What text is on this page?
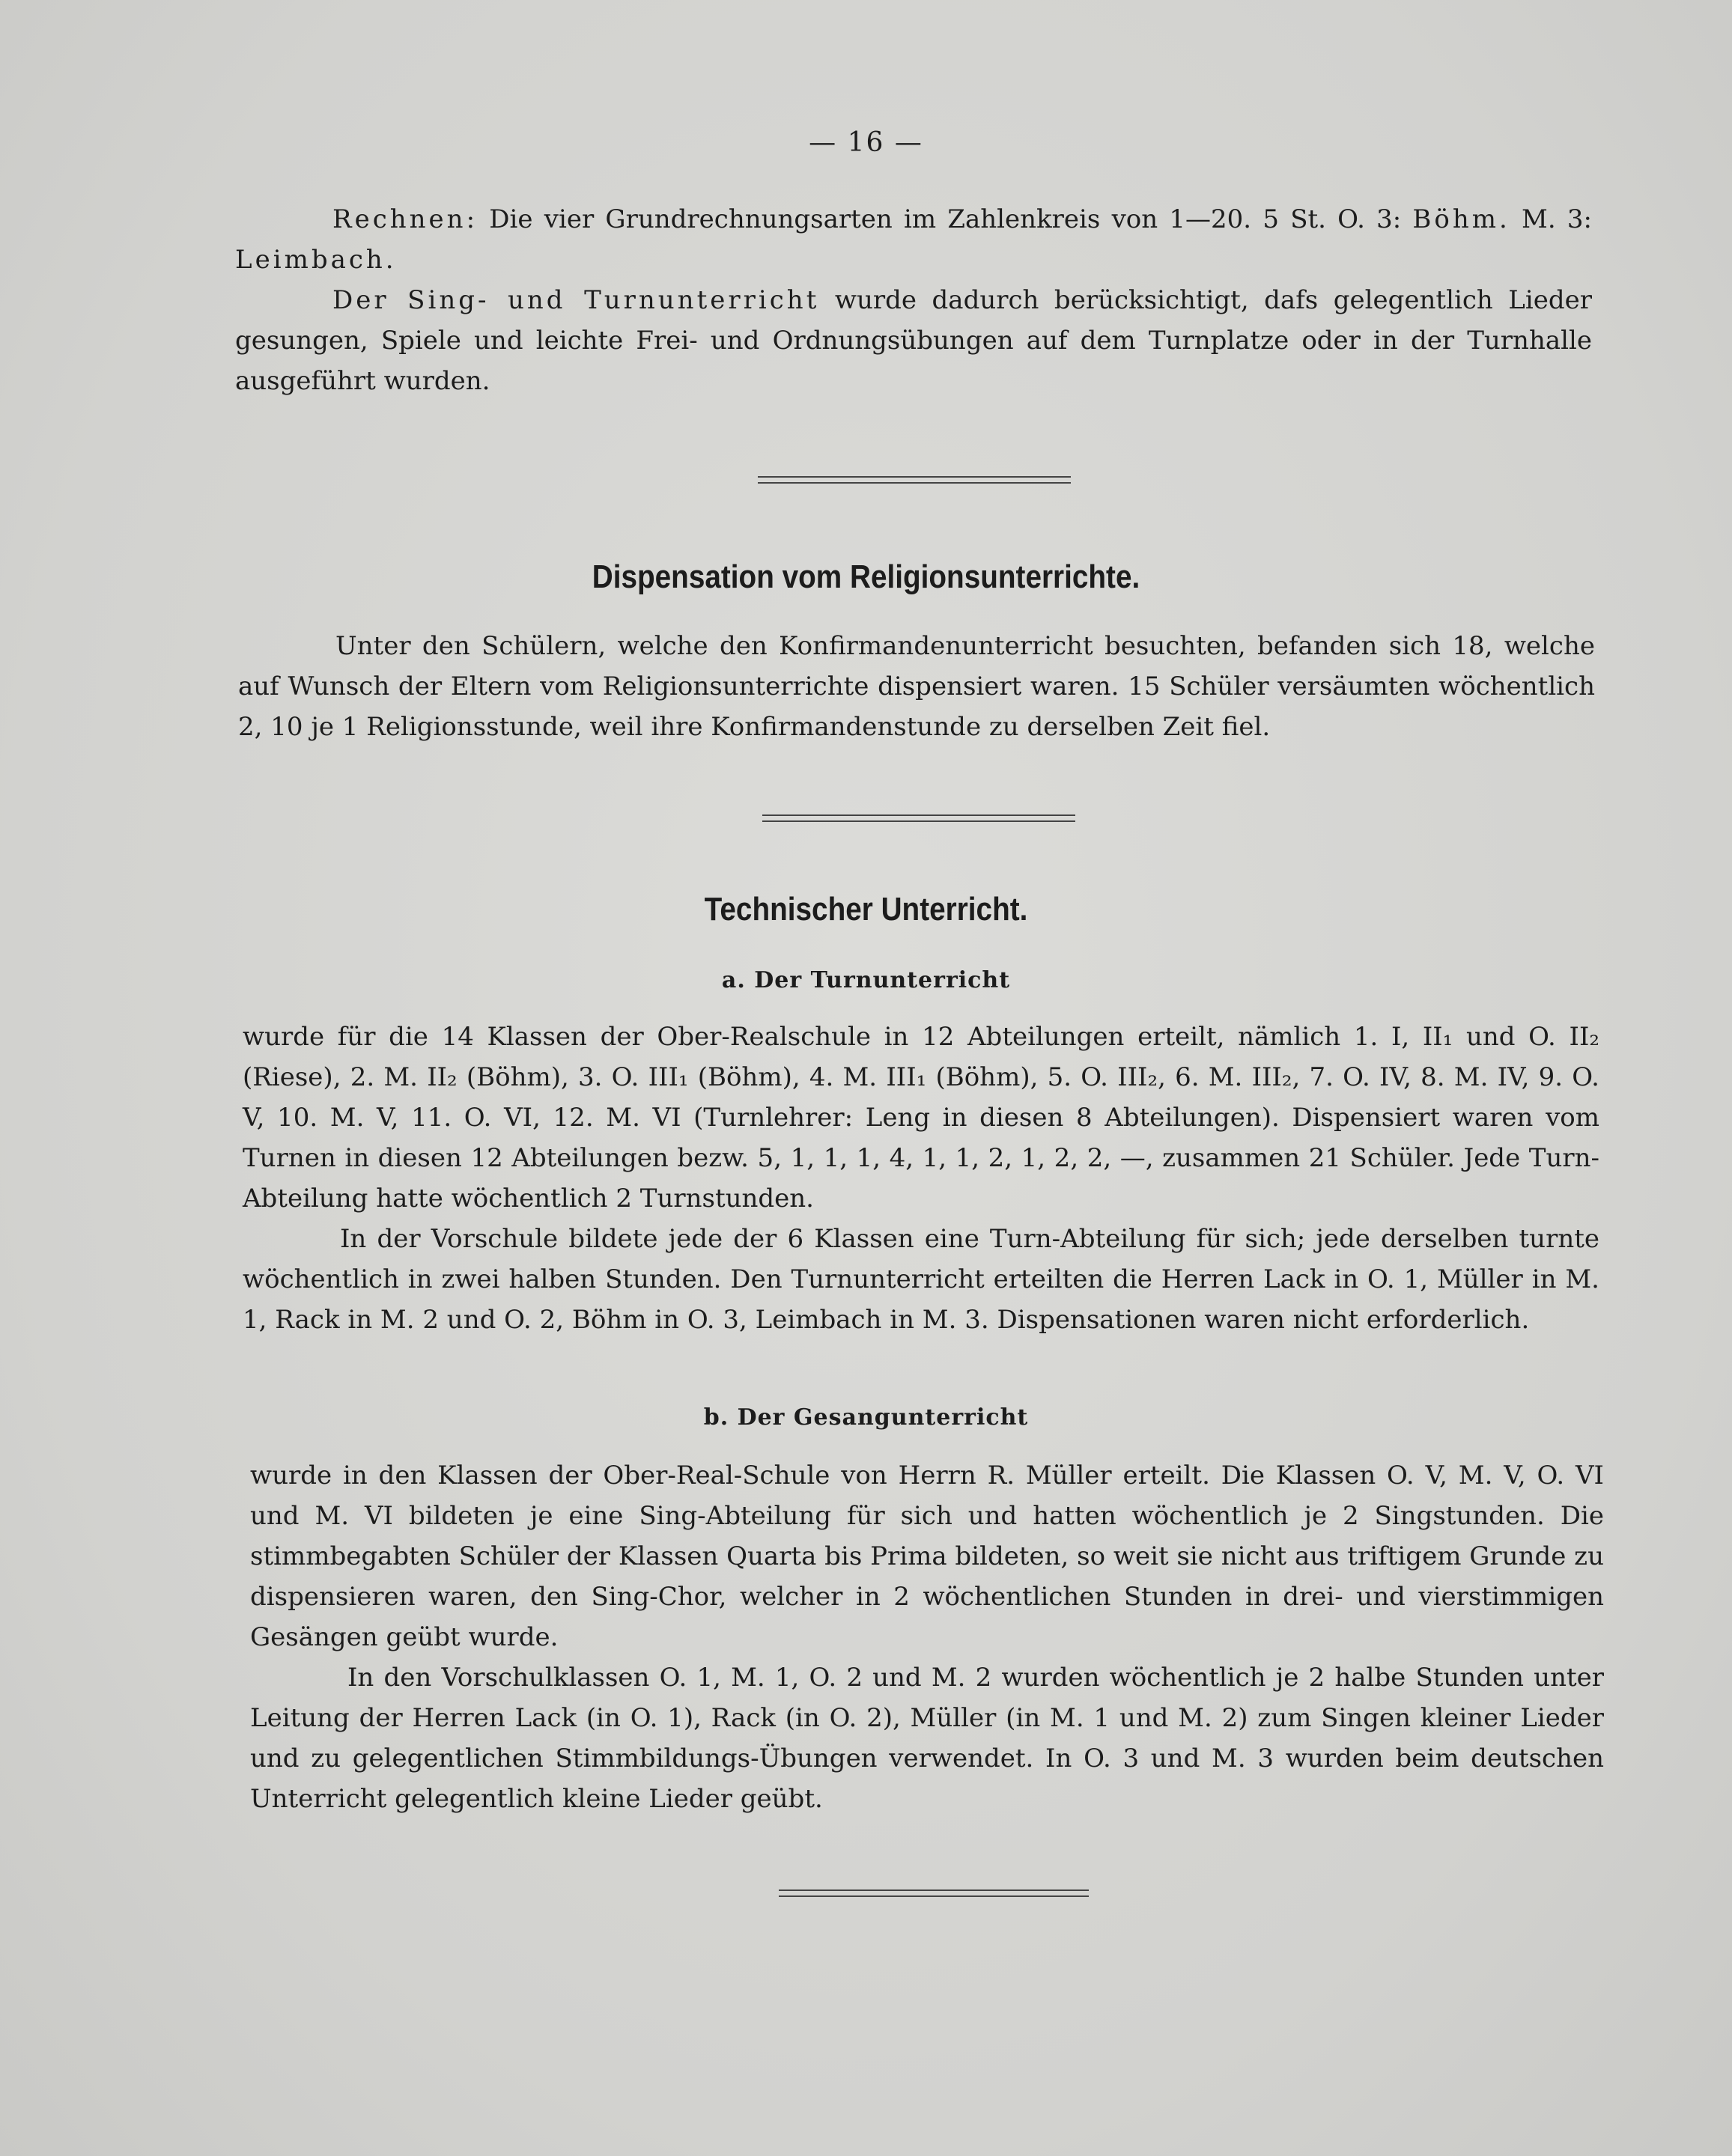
— 16 —

Rechnen: Die vier Grundrechnungsarten im Zahlenkreis von 1—20. 5 St. O. 3: Böhm. M. 3: Leimbach.

Der Sing- und Turnunterricht wurde dadurch berücksichtigt, dafs gelegentlich Lieder gesungen, Spiele und leichte Frei- und Ordnungsübungen auf dem Turnplatze oder in der Turnhalle ausgeführt wurden.

Dispensation vom Religionsunterrichte.

Unter den Schülern, welche den Konfirmandenunterricht besuchten, befanden sich 18, welche auf Wunsch der Eltern vom Religionsunterrichte dispensiert waren. 15 Schüler versäumten wöchentlich 2, 10 je 1 Religionsstunde, weil ihre Konfirmandenstunde zu derselben Zeit fiel.

Technischer Unterricht.
a. Der Turnunterricht

wurde für die 14 Klassen der Ober-Realschule in 12 Abteilungen erteilt, nämlich 1. I, II₁ und O. II₂ (Riese), 2. M. II₂ (Böhm), 3. O. III₁ (Böhm), 4. M. III₁ (Böhm), 5. O. III₂, 6. M. III₂, 7. O. IV, 8. M. IV, 9. O. V, 10. M. V, 11. O. VI, 12. M. VI (Turnlehrer: Leng in diesen 8 Abteilungen). Dispensiert waren vom Turnen in diesen 12 Abteilungen bezw. 5, 1, 1, 1, 4, 1, 1, 2, 1, 2, 2, —, zusammen 21 Schüler. Jede Turn-Abteilung hatte wöchentlich 2 Turnstunden.

In der Vorschule bildete jede der 6 Klassen eine Turn-Abteilung für sich; jede derselben turnte wöchentlich in zwei halben Stunden. Den Turnunterricht erteilten die Herren Lack in O. 1, Müller in M. 1, Rack in M. 2 und O. 2, Böhm in O. 3, Leimbach in M. 3. Dispensationen waren nicht erforderlich.

b. Der Gesangunterricht

wurde in den Klassen der Ober-Real-Schule von Herrn R. Müller erteilt. Die Klassen O. V, M. V, O. VI und M. VI bildeten je eine Sing-Abteilung für sich und hatten wöchentlich je 2 Singstunden. Die stimmbegabten Schüler der Klassen Quarta bis Prima bildeten, so weit sie nicht aus triftigem Grunde zu dispensieren waren, den Sing-Chor, welcher in 2 wöchentlichen Stunden in drei- und vierstimmigen Gesängen geübt wurde.

In den Vorschulklassen O. 1, M. 1, O. 2 und M. 2 wurden wöchentlich je 2 halbe Stunden unter Leitung der Herren Lack (in O. 1), Rack (in O. 2), Müller (in M. 1 und M. 2) zum Singen kleiner Lieder und zu gelegentlichen Stimmbildungs-Übungen verwendet. In O. 3 und M. 3 wurden beim deutschen Unterricht gelegentlich kleine Lieder geübt.
